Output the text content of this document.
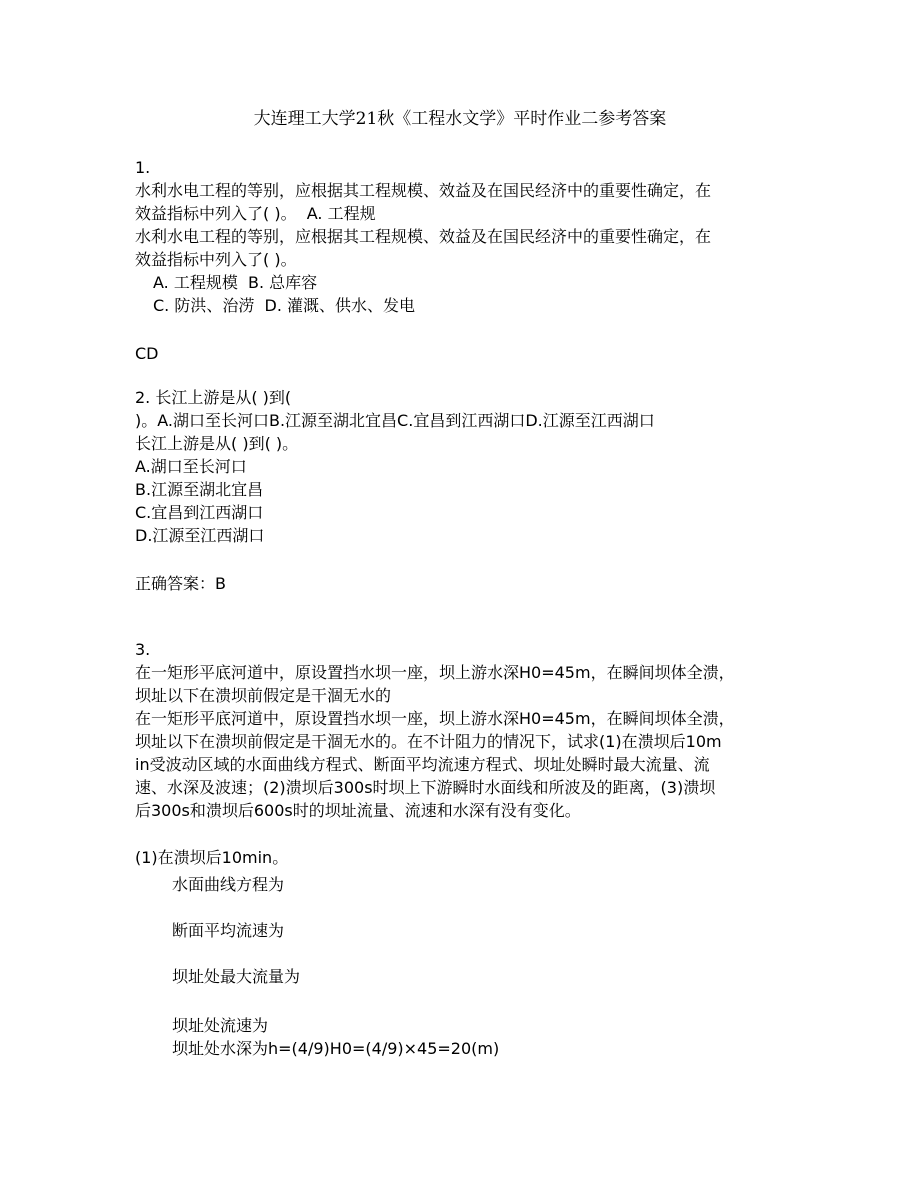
大连理工大学21秋《工程水文学》平时作业二参考答案
1.
水利水电工程的等别，应根据其工程规模、效益及在国民经济中的重要性确定，在
效益指标中列入了( )。  A. 工程规
水利水电工程的等别，应根据其工程规模、效益及在国民经济中的重要性确定，在
效益指标中列入了( )。
A. 工程规模  B. 总库容
C. 防洪、治涝  D. 灌溉、供水、发电
CD
2. 长江上游是从( )到(
)。A.湖口至长河口B.江源至湖北宜昌C.宜昌到江西湖口D.江源至江西湖口
长江上游是从( )到( )。
A.湖口至长河口
B.江源至湖北宜昌
C.宜昌到江西湖口
D.江源至江西湖口
正确答案：B
3.
在一矩形平底河道中，原设置挡水坝一座，坝上游水深H0=45m，在瞬间坝体全溃，
坝址以下在溃坝前假定是干涸无水的
在一矩形平底河道中，原设置挡水坝一座，坝上游水深H0=45m，在瞬间坝体全溃，
坝址以下在溃坝前假定是干涸无水的。在不计阻力的情况下，试求(1)在溃坝后10m
in受波动区域的水面曲线方程式、断面平均流速方程式、坝址处瞬时最大流量、流
速、水深及波速；(2)溃坝后300s时坝上下游瞬时水面线和所波及的距离，(3)溃坝
后300s和溃坝后600s时的坝址流量、流速和水深有没有变化。
(1)在溃坝后10min。
水面曲线方程为
断面平均流速为
坝址处最大流量为
坝址处流速为
坝址处水深为h=(4/9)H0=(4/9)×45=20(m)
